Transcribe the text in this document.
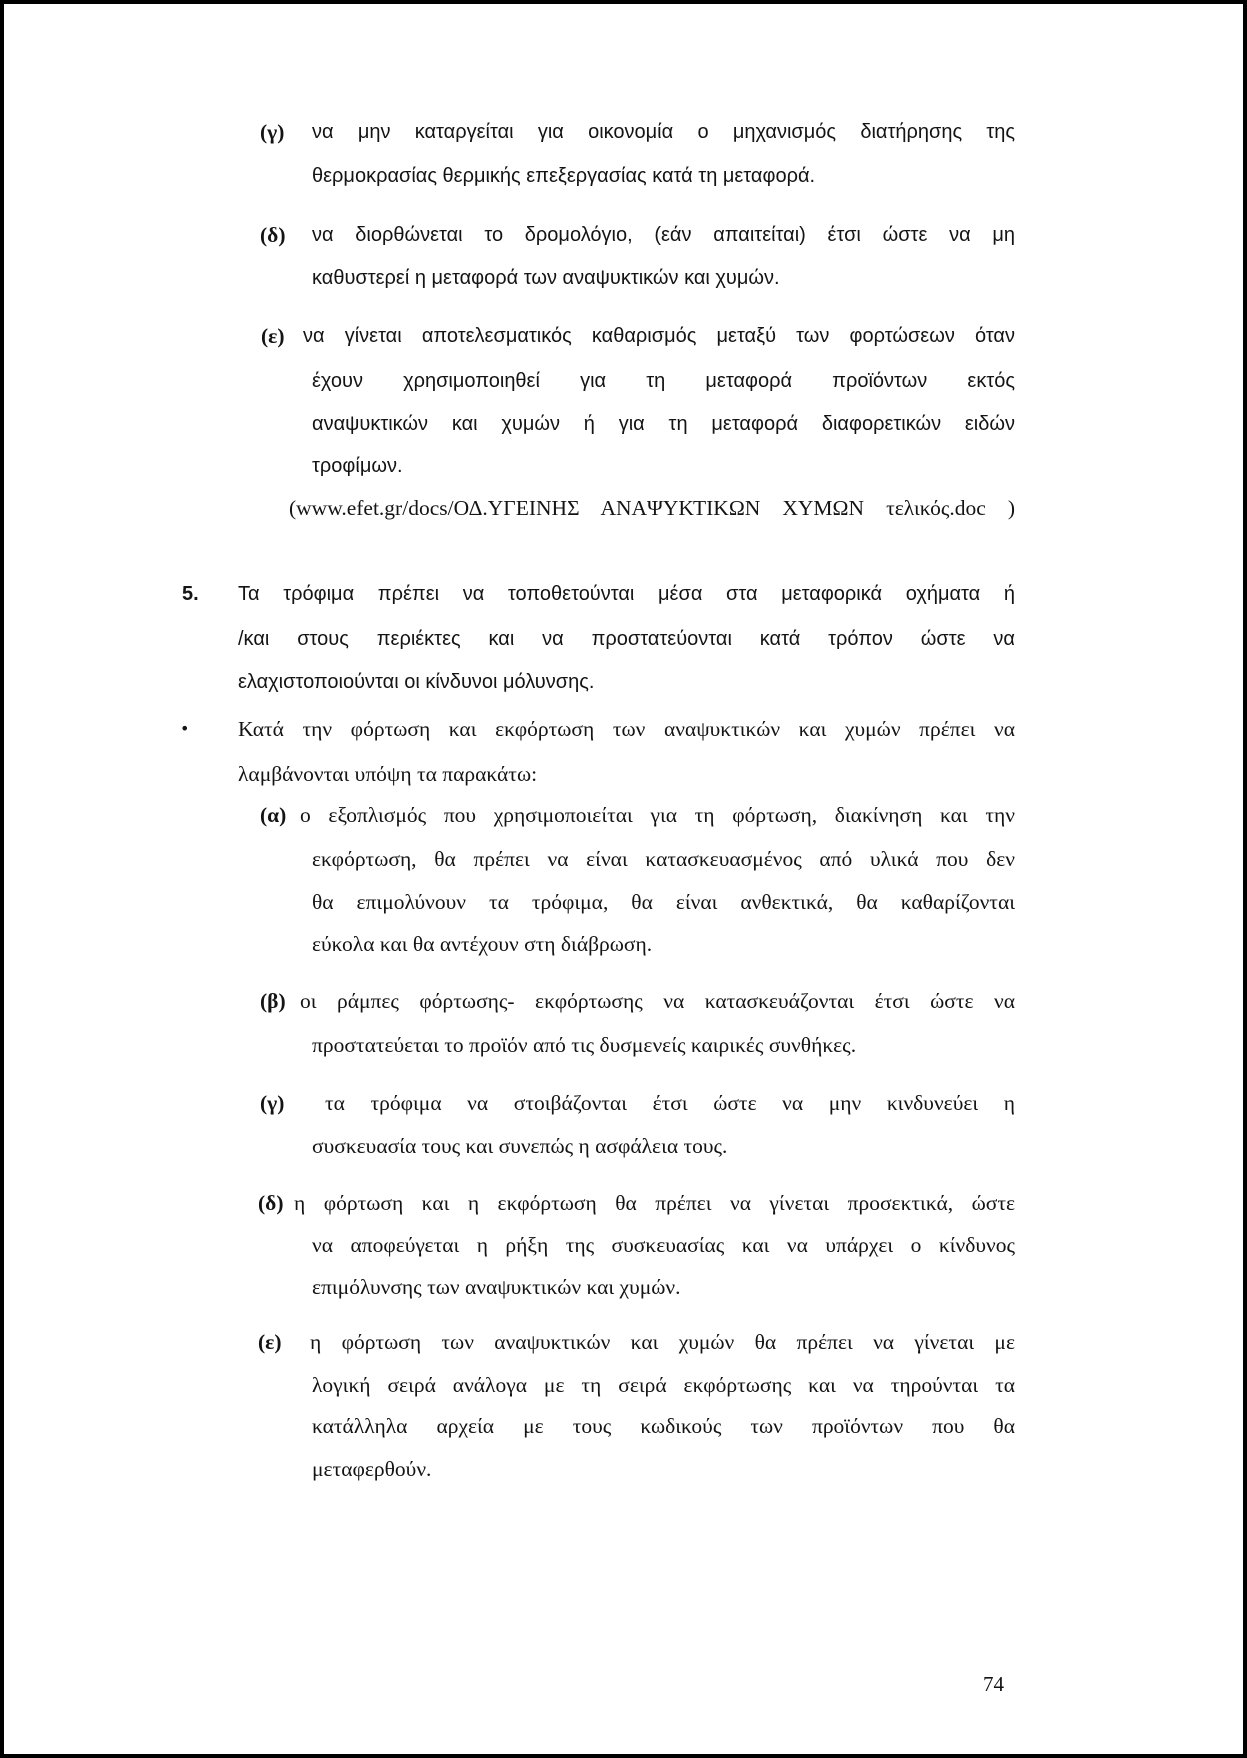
(γ) να μην καταργείται για οικονομία ο μηχανισμός διατήρησης της
θερμοκρασίας θερμικής επεξεργασίας κατά τη μεταφορά.
(δ) να διορθώνεται το δρομολόγιο, (εάν απαιτείται) έτσι ώστε να μη
καθυστερεί η μεταφορά των αναψυκτικών και χυμών.
(ε) να γίνεται αποτελεσματικός καθαρισμός μεταξύ των φορτώσεων όταν
έχουν χρησιμοποιηθεί για τη μεταφορά προϊόντων εκτός
αναψυκτικών και χυμών ή για τη μεταφορά διαφορετικών ειδών
τροφίμων.
(www.efet.gr/docs/ΟΔ.ΥΓΕΙΝΗΣ ΑΝΑΨΥΚΤΙΚΩΝ ΧΥΜΩΝ τελικός.doc )
5. Τα τρόφιμα πρέπει να τοποθετούνται μέσα στα μεταφορικά οχήματα ή
/και στους περιέκτες και να προστατεύονται κατά τρόπον ώστε να
ελαχιστοποιούνται οι κίνδυνοι μόλυνσης.
• Κατά την φόρτωση και εκφόρτωση των αναψυκτικών και χυμών πρέπει να
λαμβάνονται υπόψη τα παρακάτω:
(α) ο εξοπλισμός που χρησιμοποιείται για τη φόρτωση, διακίνηση και την
εκφόρτωση, θα πρέπει να είναι κατασκευασμένος από υλικά που δεν
θα επιμολύνουν τα τρόφιμα, θα είναι ανθεκτικά, θα καθαρίζονται
εύκολα και θα αντέχουν στη διάβρωση.
(β) οι ράμπες φόρτωσης- εκφόρτωσης να κατασκευάζονται έτσι ώστε να
προστατεύεται το προϊόν από τις δυσμενείς καιρικές συνθήκες.
(γ) τα τρόφιμα να στοιβάζονται έτσι ώστε να μην κινδυνεύει η
συσκευασία τους και συνεπώς η ασφάλεια τους.
(δ) η φόρτωση και η εκφόρτωση θα πρέπει να γίνεται προσεκτικά, ώστε
να αποφεύγεται η ρήξη της συσκευασίας και να υπάρχει ο κίνδυνος
επιμόλυνσης των αναψυκτικών και χυμών.
(ε) η φόρτωση των αναψυκτικών και χυμών θα πρέπει να γίνεται με
λογική σειρά ανάλογα με τη σειρά εκφόρτωσης και να τηρούνται τα
κατάλληλα αρχεία με τους κωδικούς των προϊόντων που θα
μεταφερθούν.
74
